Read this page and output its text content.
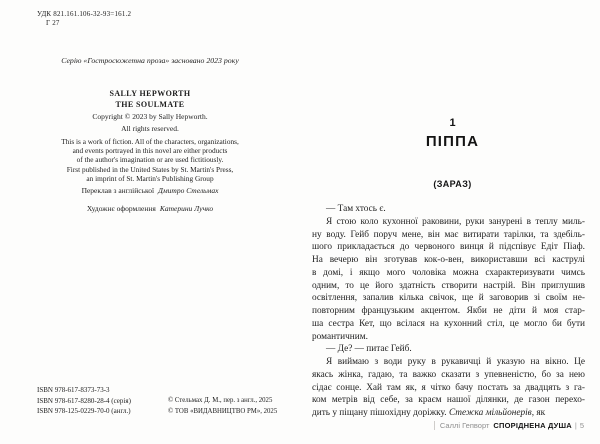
УДК 821.161.106-32-93=161.2
Г 27
Серію «Гостросюжетна проза» засновано 2023 року
SALLY HEPWORTH
THE SOULMATE
Copyright © 2023 by Sally Hepworth.
All rights reserved.
This is a work of fiction. All of the characters, organizations,
and events portrayed in this novel are either products
of the author's imagination or are used fictitiously.
First published in the United States by St. Martin's Press,
an imprint of St. Martin's Publishing Group
Переклав з англійської Дмитро Стельмах
Художнє оформлення Катерини Лучко
ISBN 978-617-8373-73-3
ISBN 978-617-8280-28-4 (серія)
ISBN 978-125-0229-70-0 (англ.)
© Стельмах Д. М., пер. з англ., 2025
© ТОВ «ВИДАВНИЦТВО РМ», 2025
1
ПІППА
(ЗАРАЗ)
— Там хтось є.
Я стою коло кухонної раковини, руки занурені в теплу миль-
ну воду. Гейб поруч мене, він має витирати тарілки, та здебіль-
шого прикладається до червоного винця й підспівує Едіт Піаф.
На вечерю він зготував кок-о-вен, використавши всі каструлі
в домі, і якщо мого чоловіка можна схарактеризувати чимсь
одним, то це його здатність створити настрій. Він приглушив
освітлення, запалив кілька свічок, ще й заговорив зі своїм не-
повторним французьким акцентом. Якби не діти й моя стар-
ша сестра Кет, що всілася на кухонний стіл, це могло би бути
романтичним.
— Де? — питає Гейб.
Я виймаю з води руку в рукавичці й указую на вікно. Це
якась жінка, гадаю, та важко сказати з упевненістю, бо за нею
сідає сонце. Хай там як, я чітко бачу постать за двадцять з га-
ком метрів від себе, за краєм нашої ділянки, де газон перехо-
дить у піщану пішохідну доріжку. Стежка мільйонерів, як
Саллі Гепворт СПОРІДНЕНА ДУША | 5
